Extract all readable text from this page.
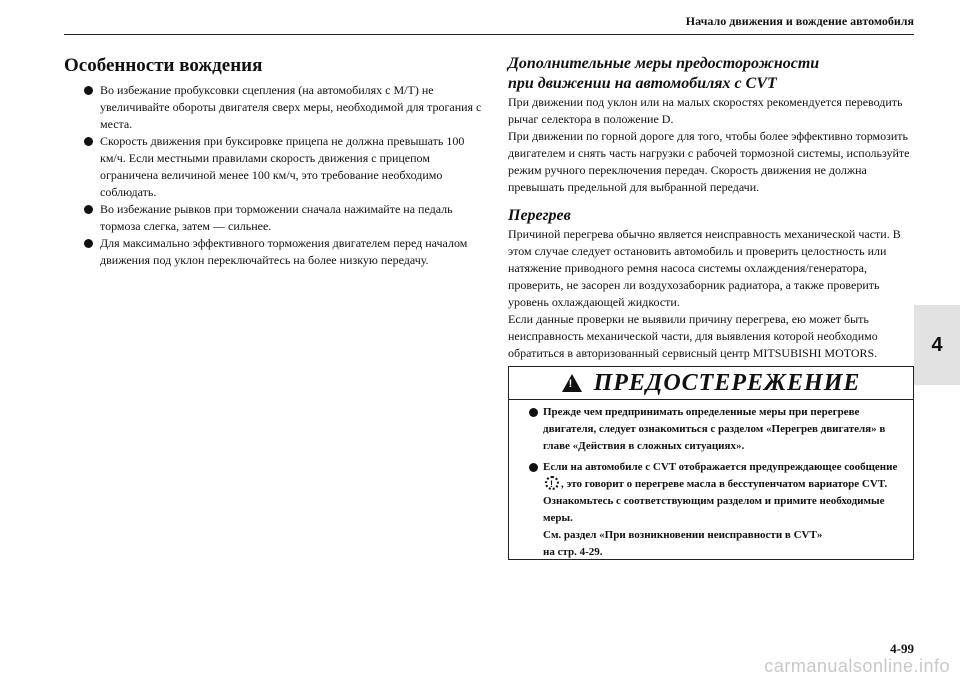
Начало движения и вождение автомобиля
4
Особенности вождения
Во избежание пробуксовки сцепления (на автомобилях с M/T) не увеличивайте обороты двигателя сверх меры, необходимой для трогания с места.
Скорость движения при буксировке прицепа не должна превышать 100 км/ч. Если местными правилами скорость движения с прицепом ограничена величиной менее 100 км/ч, это требование необходимо соблюдать.
Во избежание рывков при торможении сначала нажимайте на педаль тормоза слегка, затем — сильнее.
Для максимально эффективного торможения двигателем перед началом движения под уклон переключайтесь на более низкую передачу.
Дополнительные меры предосторожности
при движении на автомобилях с CVT

При движении под уклон или на малых скоростях рекомендуется переводить рычаг селектора в положение D.

При движении по горной дороге для того, чтобы более эффективно тормозить двигателем и снять часть нагрузки с рабочей тормозной системы, используйте режим ручного переключения передач. Скорость движения не должна превышать предельной для выбранной передачи.

Перегрев

Причиной перегрева обычно является неисправность механической части. В этом случае следует остановить автомобиль и проверить целостность или натяжение приводного ремня насоса системы охлаждения/генератора, проверить, не засорен ли воздухозаборник радиатора, а также проверить уровень охлаждающей жидкости.

Если данные проверки не выявили причину перегрева, ею может быть неисправность механической части, для выявления которой необходимо обратиться в авторизованный сервисный центр MITSUBISHI MOTORS.

! ПРЕДОСТЕРЕЖЕНИЕ
Прежде чем предпринимать определенные меры при перегреве двигателя, следует ознакомиться с разделом «Перегрев двигателя» в главе «Действия в сложных ситуациях».
Если на автомобиле с CVT отображается предупреждающее сообщение !, это говорит о перегреве масла в бесступенчатом вариаторе CVT.
Ознакомьтесь с соответствующим разделом и примите необходимые меры.
См. раздел «При возникновении неисправности в CVT»
на стр. 4-29.
4-99
carmanualsonline.info
